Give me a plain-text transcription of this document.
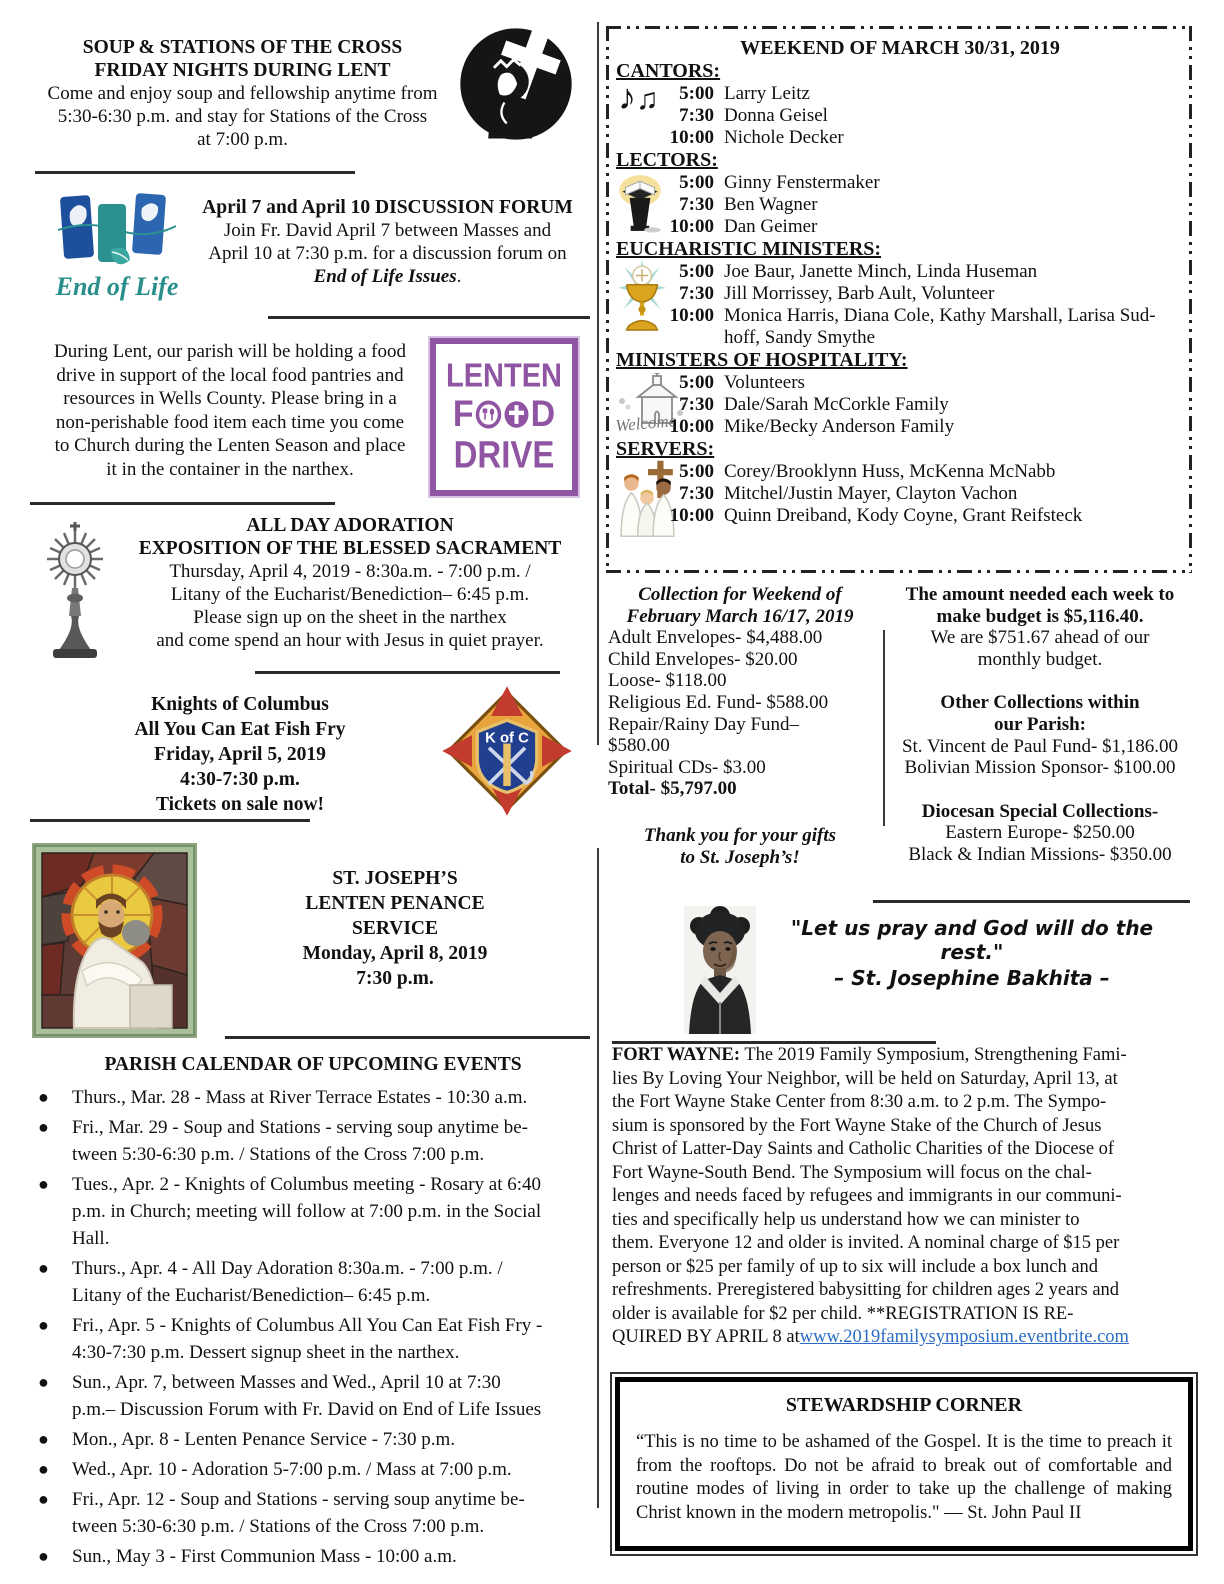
SOUP & STATIONS OF THE CROSS
FRIDAY NIGHTS DURING LENT
Come and enjoy soup and fellowship anytime from
5:30-6:30 p.m. and stay for Stations of the Cross
at 7:00 p.m.
End of Life
April 7 and April 10 DISCUSSION FORUM
Join Fr. David April 7 between Masses and
April 10 at 7:30 p.m. for a discussion forum on
End of Life Issues.
During Lent, our parish will be holding a food
drive in support of the local food pantries and
resources in Wells County. Please bring in a
non-perishable food item each time you come
to Church during the Lenten Season and place
it in the container in the narthex.
LENTEN
F D
DRIVE
ALL DAY ADORATION
EXPOSITION OF THE BLESSED SACRAMENT
Thursday, April 4, 2019 - 8:30a.m. - 7:00 p.m. /
Litany of the Eucharist/Benediction– 6:45 p.m.
Please sign up on the sheet in the narthex
and come spend an hour with Jesus in quiet prayer.
Knights of Columbus
All You Can Eat Fish Fry
Friday, April 5, 2019
4:30-7:30 p.m.
Tickets on sale now!
K of C
ST. JOSEPH’S
LENTEN PENANCE
SERVICE
Monday, April 8, 2019
7:30 p.m.
PARISH CALENDAR OF UPCOMING EVENTS
●	Thurs., Mar. 28 - Mass at River Terrace Estates - 10:30 a.m.
●	Fri., Mar. 29 - Soup and Stations - serving soup anytime be-
tween 5:30-6:30 p.m. / Stations of the Cross 7:00 p.m.
●	Tues., Apr. 2 - Knights of Columbus meeting - Rosary at 6:40
p.m. in Church; meeting will follow at 7:00 p.m. in the Social
Hall.
●	Thurs., Apr. 4 - All Day Adoration 8:30a.m. - 7:00 p.m. /
Litany of the Eucharist/Benediction– 6:45 p.m.
●	Fri., Apr. 5 - Knights of Columbus All You Can Eat Fish Fry -
4:30-7:30 p.m. Dessert signup sheet in the narthex.
●	Sun., Apr. 7, between Masses and Wed., April 10 at 7:30
p.m.– Discussion Forum with Fr. David on End of Life Issues
●	Mon., Apr. 8 - Lenten Penance Service - 7:30 p.m.
●	Wed., Apr. 10 - Adoration 5-7:00 p.m. / Mass at 7:00 p.m.
●	Fri., Apr. 12 - Soup and Stations - serving soup anytime be-
tween 5:30-6:30 p.m. / Stations of the Cross 7:00 p.m.
●	Sun., May 3 - First Communion Mass - 10:00 a.m.
WEEKEND OF MARCH 30/31, 2019
♪♫
CANTORS:
5:00 Larry Leitz
7:30 Donna Geisel
10:00 Nichole Decker
LECTORS:
5:00 Ginny Fenstermaker
7:30 Ben Wagner
10:00 Dan Geimer
EUCHARISTIC MINISTERS:
5:00 Joe Baur, Janette Minch, Linda Huseman
7:30 Jill Morrissey, Barb Ault, Volunteer
10:00 Monica Harris, Diana Cole, Kathy Marshall, Larisa Sud-
hoff, Sandy Smythe
Welcome
MINISTERS OF HOSPITALITY:
5:00 Volunteers
7:30 Dale/Sarah McCorkle Family
10:00 Mike/Becky Anderson Family
SERVERS:
5:00 Corey/Brooklynn Huss, McKenna McNabb
7:30 Mitchel/Justin Mayer, Clayton Vachon
10:00 Quinn Dreiband, Kody Coyne, Grant Reifsteck
Collection for Weekend of
February March 16/17, 2019
Adult Envelopes- $4,488.00
Child Envelopes- $20.00
Loose- $118.00
Religious Ed. Fund- $588.00
Repair/Rainy Day Fund–
$580.00
Spiritual CDs- $3.00
Total- $5,797.00
Thank you for your gifts
to St. Joseph’s!
The amount needed each week to
make budget is $5,116.40.
We are $751.67 ahead of our
monthly budget.
Other Collections within
our Parish:
St. Vincent de Paul Fund- $1,186.00
Bolivian Mission Sponsor- $100.00
Diocesan Special Collections-
Eastern Europe- $250.00
Black & Indian Missions- $350.00
"Let us pray and God will do the rest."
– St. Josephine Bakhita –
FORT WAYNE: The 2019 Family Symposium, Strengthening Fami-
lies By Loving Your Neighbor, will be held on Saturday, April 13, at
the Fort Wayne Stake Center from 8:30 a.m. to 2 p.m. The Sympo-
sium is sponsored by the Fort Wayne Stake of the Church of Jesus
Christ of Latter-Day Saints and Catholic Charities of the Diocese of
Fort Wayne-South Bend. The Symposium will focus on the chal-
lenges and needs faced by refugees and immigrants in our communi-
ties and specifically help us understand how we can minister to
them. Everyone 12 and older is invited. A nominal charge of $15 per
person or $25 per family of up to six will include a box lunch and
refreshments. Preregistered babysitting for children ages 2 years and
older is available for $2 per child. **REGISTRATION IS RE-
QUIRED BY APRIL 8 atwww.2019familysymposium.eventbrite.com
STEWARDSHIP CORNER
“This is no time to be ashamed of the Gospel. It is the time to preach it from the rooftops. Do not be afraid to break out of comfortable and routine modes of living in order to take up the challenge of making Christ known in the modern metropolis." — St. John Paul II
